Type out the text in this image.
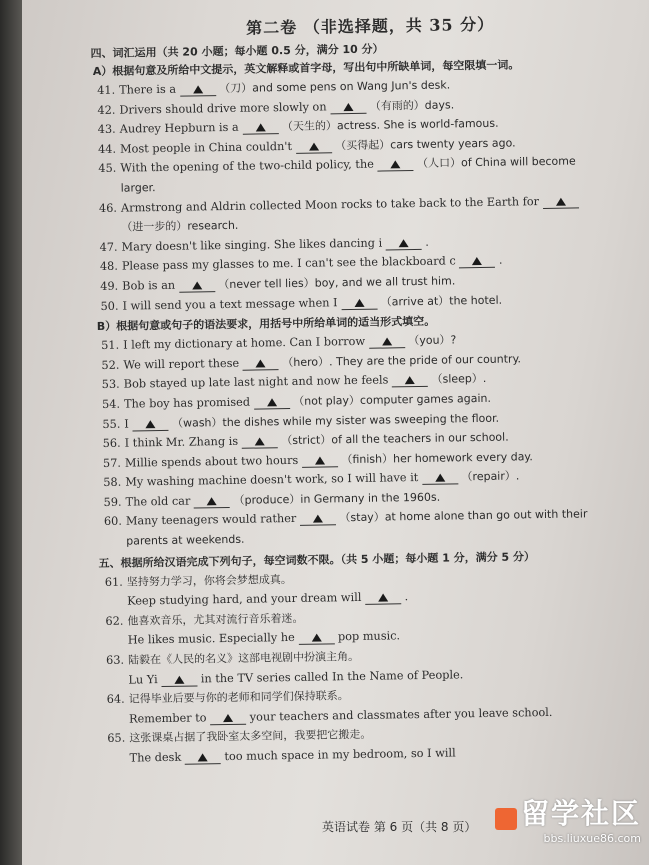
第二卷 （非选择题，共 35 分）
四、词汇运用（共 20 小题；每小题 0.5 分，满分 10 分）
A）根据句意及所给中文提示，英文解释或首字母，写出句中所缺单词，每空限填一词。
41. There is a	（刀）and some pens on Wang Jun's desk.
42. Drivers should drive more slowly on	（有雨的）days.
43. Audrey Hepburn is a	（天生的）actress. She is world-famous.
44. Most people in China couldn't	（买得起）cars twenty years ago.
45. With the opening of the two-child policy, the	（人口）of China will become
larger.
46. Armstrong and Aldrin collected Moon rocks to take back to the Earth for
（进一步的）research.
47. Mary doesn't like singing. She likes dancing i	.
48. Please pass my glasses to me. I can't see the blackboard c	.
49. Bob is an	（never tell lies）boy, and we all trust him.
50. I will send you a text message when I	（arrive at）the hotel.
B）根据句意或句子的语法要求，用括号中所给单词的适当形式填空。
51. I left my dictionary at home. Can I borrow	（you）?
52. We will report these	（hero）. They are the pride of our country.
53. Bob stayed up late last night and now he feels	（sleep）.
54. The boy has promised	（not play）computer games again.
55. I	（wash）the dishes while my sister was sweeping the floor.
56. I think Mr. Zhang is	（strict）of all the teachers in our school.
57. Millie spends about two hours	（finish）her homework every day.
58. My washing machine doesn't work, so I will have it	（repair）.
59. The old car	（produce）in Germany in the 1960s.
60. Many teenagers would rather	（stay）at home alone than go out with their
parents at weekends.
五、根据所给汉语完成下列句子，每空词数不限。（共 5 小题；每小题 1 分，满分 5 分）
61. 坚持努力学习，你将会梦想成真。
Keep studying hard, and your dream will	.
62. 他喜欢音乐，尤其对流行音乐着迷。
He likes music. Especially he	pop music.
63. 陆毅在《人民的名义》这部电视剧中扮演主角。
Lu Yi	in the TV series called In the Name of People.
64. 记得毕业后要与你的老师和同学们保持联系。
Remember to	your teachers and classmates after you leave school.
65. 这张课桌占据了我卧室太多空间，我要把它搬走。
The desk	too much space in my bedroom, so I will
英语试卷 第 6 页（共 8 页）	留学社区
bbs.liuxue86.com
